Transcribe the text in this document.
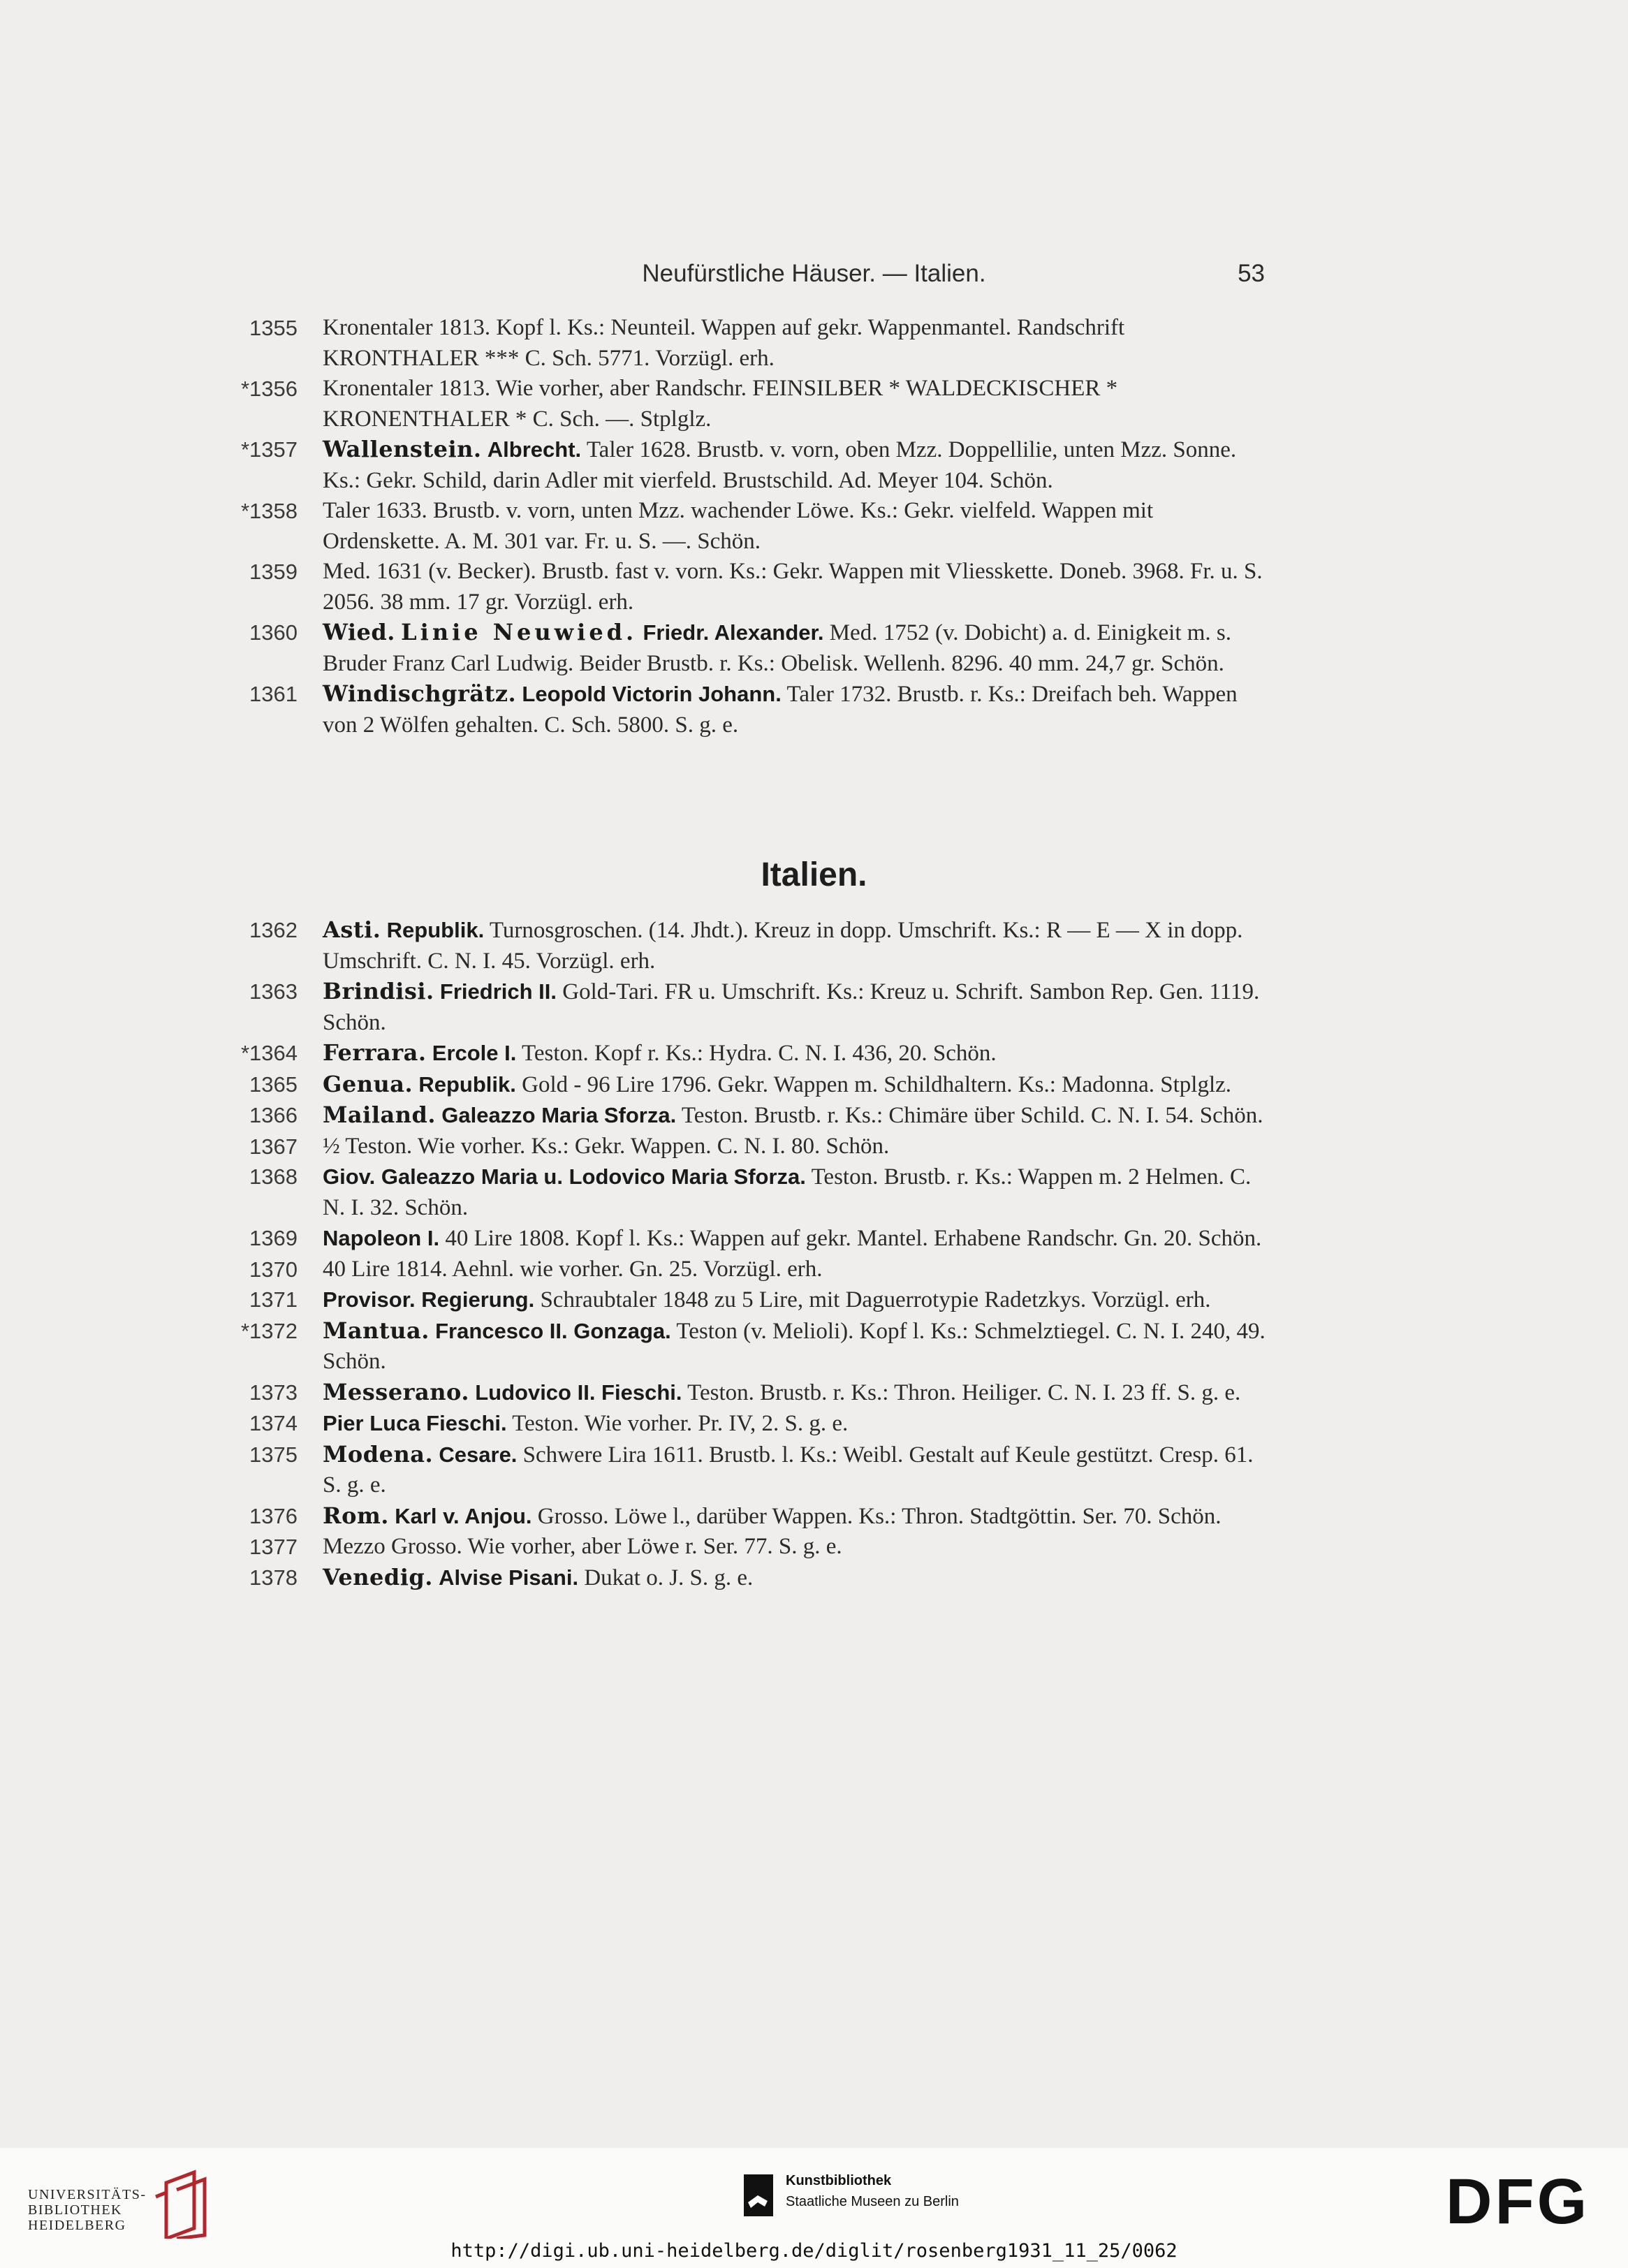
Neufürstliche Häuser. — Italien.	53

1355 Kronentaler 1813. Kopf l. Ks.: Neunteil. Wappen auf gekr. Wappenmantel. Randschrift KRONTHALER *** C. Sch. 5771. Vorzügl. erh.

*1356 Kronentaler 1813. Wie vorher, aber Randschr. FEINSILBER * WALDECKISCHER * KRONENTHALER * C. Sch. —. Stplglz.

*1357 Wallenstein. Albrecht. Taler 1628. Brustb. v. vorn, oben Mzz. Doppellilie, unten Mzz. Sonne. Ks.: Gekr. Schild, darin Adler mit vierfeld. Brustschild. Ad. Meyer 104. Schön.

*1358 Taler 1633. Brustb. v. vorn, unten Mzz. wachender Löwe. Ks.: Gekr. vielfeld. Wappen mit Ordenskette. A. M. 301 var. Fr. u. S. —. Schön.

1359 Med. 1631 (v. Becker). Brustb. fast v. vorn. Ks.: Gekr. Wappen mit Vliesskette. Doneb. 3968. Fr. u. S. 2056. 38 mm. 17 gr. Vorzügl. erh.

1360 Wied. Linie Neuwied. Friedr. Alexander. Med. 1752 (v. Dobicht) a. d. Einigkeit m. s. Bruder Franz Carl Ludwig. Beider Brustb. r. Ks.: Obelisk. Wellenh. 8296. 40 mm. 24,7 gr. Schön.

1361 Windischgrätz. Leopold Victorin Johann. Taler 1732. Brustb. r. Ks.: Dreifach beh. Wappen von 2 Wölfen gehalten. C. Sch. 5800. S. g. e.

Italien.

1362 Asti. Republik. Turnosgroschen. (14. Jhdt.). Kreuz in dopp. Umschrift. Ks.: R — E — X in dopp. Umschrift. C. N. I. 45. Vorzügl. erh.

1363 Brindisi. Friedrich II. Gold-Tari. FR u. Umschrift. Ks.: Kreuz u. Schrift. Sambon Rep. Gen. 1119. Schön.

*1364 Ferrara. Ercole I. Teston. Kopf r. Ks.: Hydra. C. N. I. 436, 20. Schön.

1365 Genua. Republik. Gold - 96 Lire 1796. Gekr. Wappen m. Schildhaltern. Ks.: Madonna. Stplglz.

1366 Mailand. Galeazzo Maria Sforza. Teston. Brustb. r. Ks.: Chimäre über Schild. C. N. I. 54. Schön.

1367 ½ Teston. Wie vorher. Ks.: Gekr. Wappen. C. N. I. 80. Schön.

1368 Giov. Galeazzo Maria u. Lodovico Maria Sforza. Teston. Brustb. r. Ks.: Wappen m. 2 Helmen. C. N. I. 32. Schön.

1369 Napoleon I. 40 Lire 1808. Kopf l. Ks.: Wappen auf gekr. Mantel. Erhabene Randschr. Gn. 20. Schön.

1370 40 Lire 1814. Aehnl. wie vorher. Gn. 25. Vorzügl. erh.

1371 Provisor. Regierung. Schraubtaler 1848 zu 5 Lire, mit Daguerrotypie Radetzkys. Vorzügl. erh.

*1372 Mantua. Francesco II. Gonzaga. Teston (v. Melioli). Kopf l. Ks.: Schmelztiegel. C. N. I. 240, 49. Schön.

1373 Messerano. Ludovico II. Fieschi. Teston. Brustb. r. Ks.: Thron. Heiliger. C. N. I. 23 ff. S. g. e.

1374 Pier Luca Fieschi. Teston. Wie vorher. Pr. IV, 2. S. g. e.

1375 Modena. Cesare. Schwere Lira 1611. Brustb. l. Ks.: Weibl. Gestalt auf Keule gestützt. Cresp. 61. S. g. e.

1376 Rom. Karl v. Anjou. Grosso. Löwe l., darüber Wappen. Ks.: Thron. Stadtgöttin. Ser. 70. Schön.

1377 Mezzo Grosso. Wie vorher, aber Löwe r. Ser. 77. S. g. e.

1378 Venedig. Alvise Pisani. Dukat o. J. S. g. e.

UNIVERSITÄTS-
BIBLIOTHEK
HEIDELBERG
Kunstbibliothek
Staatliche Museen zu Berlin	DFG
http://digi.ub.uni-heidelberg.de/diglit/rosenberg1931_11_25/0062
